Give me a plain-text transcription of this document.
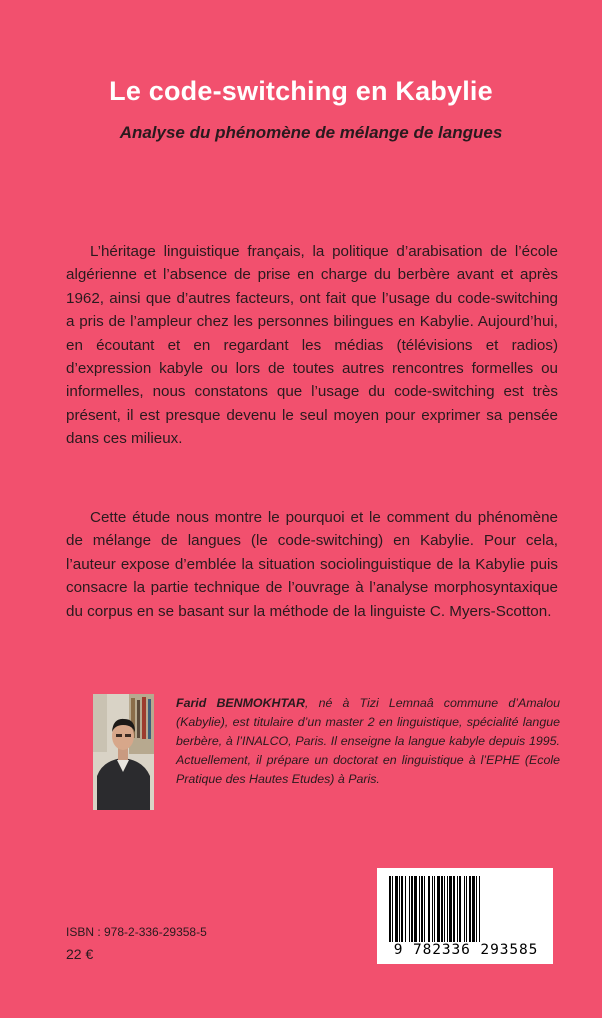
Le code-switching en Kabylie
Analyse du phénomène de mélange de langues

L’héritage linguistique français, la politique d’arabisation de l’école algérienne et l’absence de prise en charge du berbère avant et après 1962, ainsi que d’autres facteurs, ont fait que l’usage du code-switching a pris de l’ampleur chez les personnes bilingues en Kabylie. Aujourd’hui, en écoutant et en regardant les médias (télévisions et radios) d’expression kabyle ou lors de toutes autres rencontres formelles ou informelles, nous constatons que l’usage du code-switching est très présent, il est presque devenu le seul moyen pour exprimer sa pensée dans ces milieux.

Cette étude nous montre le pourquoi et le comment du phénomène de mélange de langues (le code-switching) en Kabylie. Pour cela, l’auteur expose d’emblée la situation sociolinguistique de la Kabylie puis consacre la partie technique de l’ouvrage à l’analyse morphosyntaxique du corpus en se basant sur la méthode de la linguiste C. Myers-Scotton.

Farid BENMOKHTAR, né à Tizi Lemnaâ commune d’Amalou (Kabylie), est titulaire d’un master 2 en linguistique, spécialité langue berbère, à l’INALCO, Paris. Il enseigne la langue kabyle depuis 1995. Actuellement, il prépare un doctorat en linguistique à l’EPHE (Ecole Pratique des Hautes Etudes) à Paris.

ISBN : 978-2-336-29358-5

22 €	9 782336 293585
